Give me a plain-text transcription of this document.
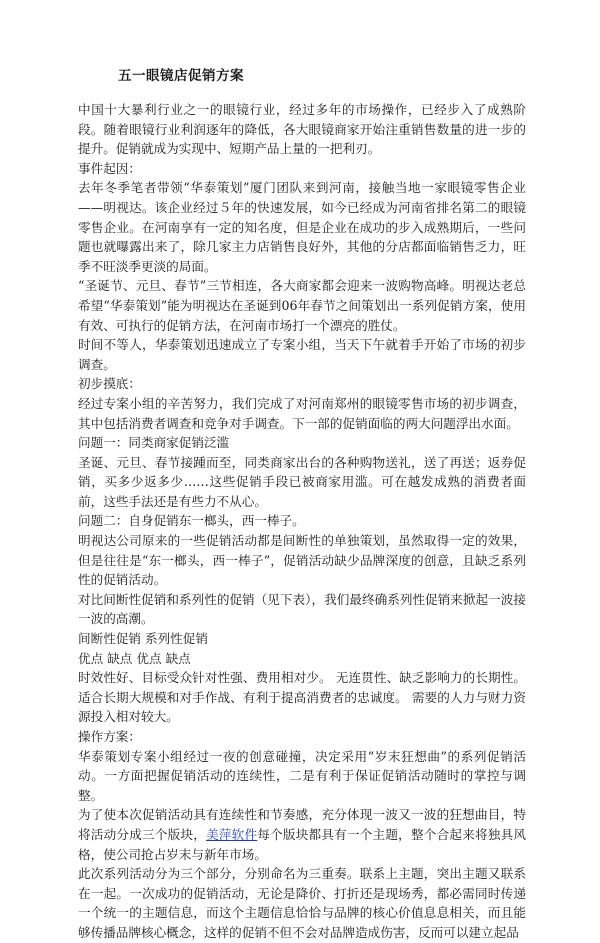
五一眼镜店促销方案

中国十大暴利行业之一的眼镜行业，经过多年的市场操作，已经步入了成熟阶段。随着眼镜行业利润逐年的降低，各大眼镜商家开始注重销售数量的进一步的提升。促销就成为实现中、短期产品上量的一把利刃。

事件起因：

去年冬季笔者带领“华泰策划”厦门团队来到河南，接触当地一家眼镜零售企业——明视达。该企业经过５年的快速发展，如今已经成为河南省排名第二的眼镜零售企业。在河南享有一定的知名度，但是企业在成功的步入成熟期后，一些问题也就曝露出来了，除几家主力店销售良好外，其他的分店都面临销售乏力，旺季不旺淡季更淡的局面。

“圣诞节、元旦、春节”三节相连，各大商家都会迎来一波购物高峰。明视达老总希望“华泰策划”能为明视达在圣诞到06年春节之间策划出一系列促销方案，使用有效、可执行的促销方法，在河南市场打一个漂亮的胜仗。

时间不等人，华泰策划迅速成立了专案小组，当天下午就着手开始了市场的初步调查。

初步摸底：

经过专案小组的辛苦努力，我们完成了对河南郑州的眼镜零售市场的初步调查，其中包括消费者调查和竞争对手调查。下一部的促销面临的两大问题浮出水面。

问题一：同类商家促销泛滥

圣诞、元旦、春节接踵而至，同类商家出台的各种购物送礼，送了再送；返券促销，买多少返多少……这些促销手段已被商家用滥。可在越发成熟的消费者面前，这些手法还是有些力不从心。

问题二：自身促销东一榔头，西一棒子。

明视达公司原来的一些促销活动都是间断性的单独策划，虽然取得一定的效果，但是往往是“东一榔头，西一棒子”，促销活动缺少品牌深度的创意，且缺乏系列性的促销活动。

对比间断性促销和系列性的促销（见下表），我们最终确系列性促销来掀起一波接一波的高潮。

间断性促销 系列性促销

优点 缺点 优点 缺点

时效性好、目标受众针对性强、费用相对少。 无连贯性、缺乏影响力的长期性。适合长期大规模和对手作战、有利于提高消费者的忠诚度。 需要的人力与财力资源投入相对较大。

操作方案：

华泰策划专案小组经过一夜的创意碰撞，决定采用“岁末狂想曲”的系列促销活动。一方面把握促销活动的连续性，二是有利于保证促销活动随时的掌控与调整。

为了使本次促销活动具有连续性和节奏感，充分体现一波又一波的狂想曲目，特将活动分成三个版块，美萍软件每个版块都具有一个主题，整个合起来将独具风格，使公司抢占岁末与新年市场。

此次系列活动分为三个部分，分别命名为三重奏。联系上主题，突出主题又联系在一起。一次成功的促销活动，无论是降价、打折还是现场秀，都必需同时传递一个统一的主题信息，而这个主题信息恰恰与品牌的核心价值息息相关，而且能够传播品牌核心概念，这样的促销不但不会对品牌造成伤害，反而可以建立起品
